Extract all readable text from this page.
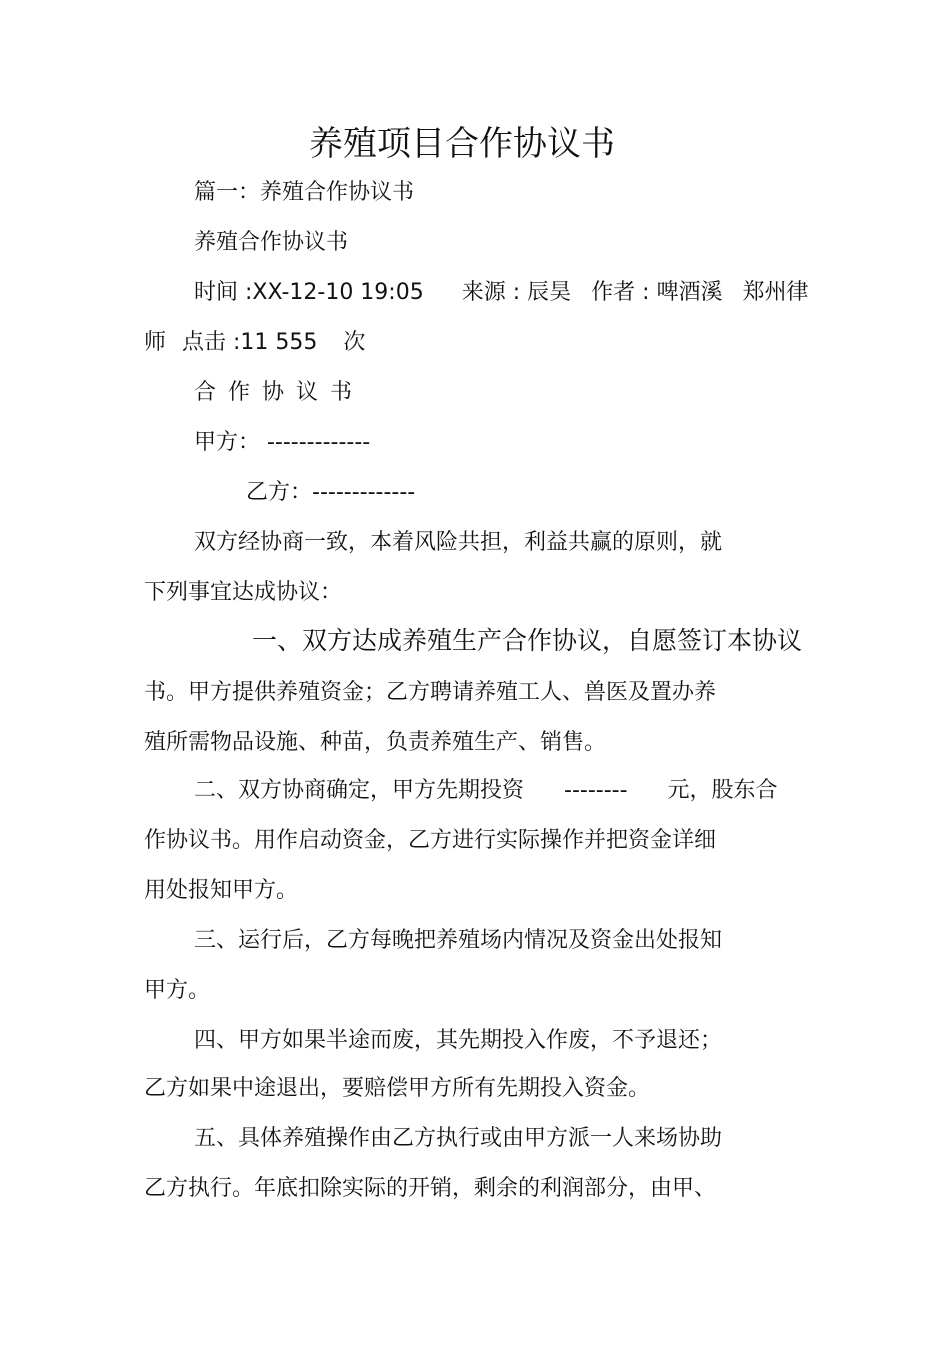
养殖项目合作协议书
篇一：养殖合作协议书
养殖合作协议书
时间 :XX-12-10 19:05 来源 : 辰昊 作者 : 啤酒溪 郑州律
师 点击 :11 555 次
合作协议书
甲方： -------------
乙方：-------------
双方经协商一致，本着风险共担，利益共赢的原则，就
下列事宜达成协议：
一、双方达成养殖生产合作协议，自愿签订本协议
书。甲方提供养殖资金；乙方聘请养殖工人、兽医及置办养
殖所需物品设施、种苗，负责养殖生产、销售。
二、双方协商确定，甲方先期投资 -------- 元，股东合
作协议书。用作启动资金，乙方进行实际操作并把资金详细
用处报知甲方。
三、运行后，乙方每晚把养殖场内情况及资金出处报知
甲方。
四、甲方如果半途而废，其先期投入作废，不予退还；
乙方如果中途退出，要赔偿甲方所有先期投入资金。
五、具体养殖操作由乙方执行或由甲方派一人来场协助
乙方执行。年底扣除实际的开销，剩余的利润部分，由甲、
